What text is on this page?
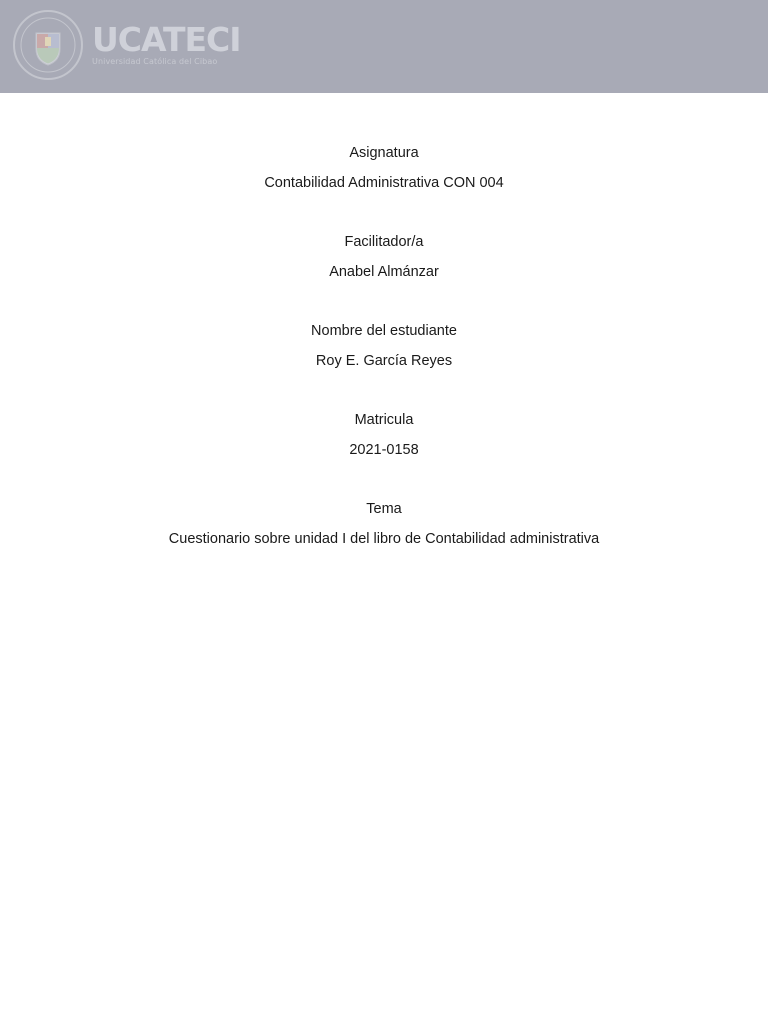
UCATECI
Universidad Católica del Cibao
Asignatura
Contabilidad Administrativa CON 004
Facilitador/a
Anabel Almánzar
Nombre del estudiante
Roy E. García Reyes
Matricula
2021-0158
Tema
Cuestionario sobre unidad I del libro de Contabilidad administrativa
